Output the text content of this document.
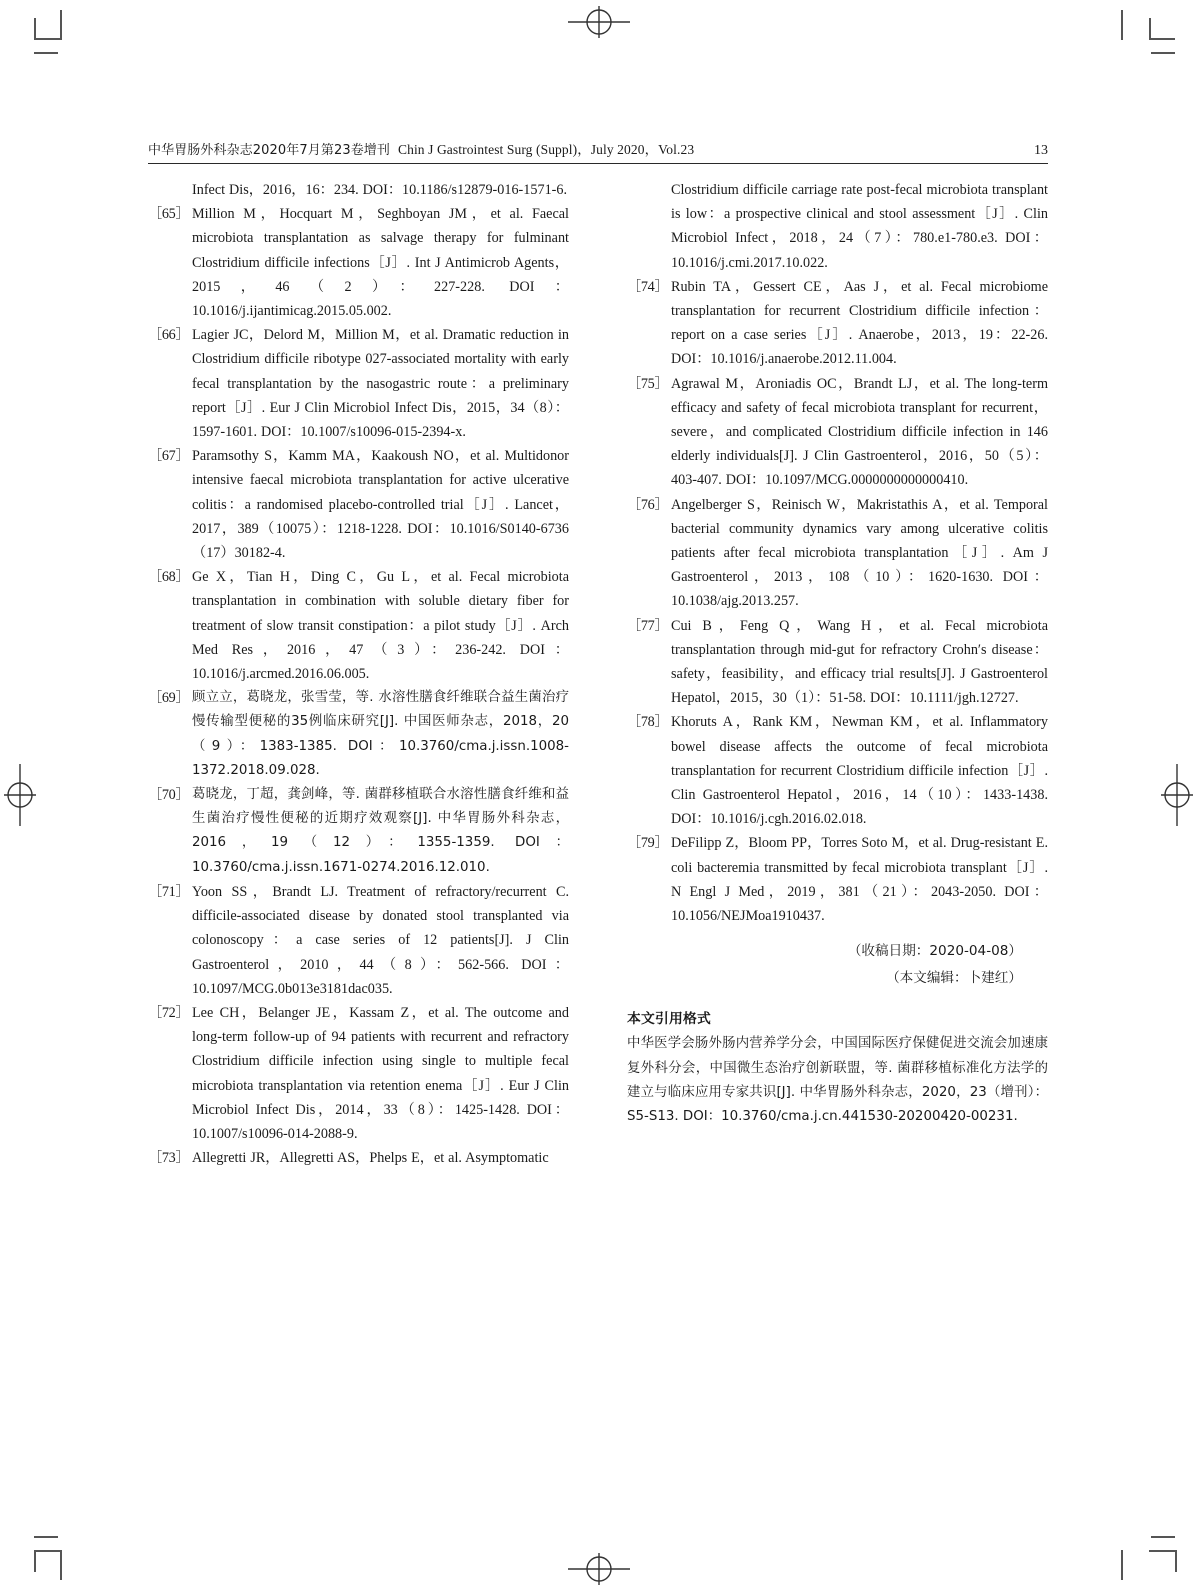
中华胃肠外科杂志2020年7月第23卷增刊 Chin J Gastrointest Surg (Suppl)，July 2020，Vol.23	13
Infect Dis，2016，16：234. DOI：10.1186/s12879-016-1571-6.
［65］ Million M，Hocquart M，Seghboyan JM，et al. Faecal microbiota transplantation as salvage therapy for fulminant Clostridium difficile infections［J］. Int J Antimicrob Agents，2015，46（2）：227-228. DOI：10.1016/j.ijantimicag.2015.05.002.
［66］ Lagier JC，Delord M，Million M，et al. Dramatic reduction in Clostridium difficile ribotype 027-associated mortality with early fecal transplantation by the nasogastric route：a preliminary report［J］. Eur J Clin Microbiol Infect Dis，2015，34（8）：1597-1601. DOI：10.1007/s10096-015-2394-x.
［67］ Paramsothy S，Kamm MA，Kaakoush NO，et al. Multidonor intensive faecal microbiota transplantation for active ulcerative colitis：a randomised placebo-controlled trial［J］. Lancet，2017，389（10075）：1218-1228. DOI：10.1016/S0140-6736（17）30182-4.
［68］ Ge X，Tian H，Ding C，Gu L，et al. Fecal microbiota transplantation in combination with soluble dietary fiber for treatment of slow transit constipation：a pilot study［J］. Arch Med Res，2016，47（3）：236-242. DOI：10.1016/j.arcmed.2016.06.005.
［69］ 顾立立，葛晓龙，张雪莹，等. 水溶性膳食纤维联合益生菌治疗慢传输型便秘的35例临床研究[J]. 中国医师杂志，2018，20（9）：1383-1385. DOI：10.3760/cma.j.issn.1008-1372.2018.09.028.
［70］ 葛晓龙，丁超，龚剑峰，等. 菌群移植联合水溶性膳食纤维和益生菌治疗慢性便秘的近期疗效观察[J]. 中华胃肠外科杂志，2016，19（12）：1355-1359. DOI：10.3760/cma.j.issn.1671-0274.2016.12.010.
［71］ Yoon SS，Brandt LJ. Treatment of refractory/recurrent C. difficile-associated disease by donated stool transplanted via colonoscopy：a case series of 12 patients[J]. J Clin Gastroenterol，2010，44（8）：562-566. DOI：10.1097/MCG.0b013e3181dac035.
［72］ Lee CH，Belanger JE，Kassam Z，et al. The outcome and long-term follow-up of 94 patients with recurrent and refractory Clostridium difficile infection using single to multiple fecal microbiota transplantation via retention enema［J］. Eur J Clin Microbiol Infect Dis，2014，33（8）：1425-1428. DOI：10.1007/s10096-014-2088-9.
［73］ Allegretti JR，Allegretti AS，Phelps E，et al. Asymptomatic
Clostridium difficile carriage rate post-fecal microbiota transplant is low：a prospective clinical and stool assessment［J］. Clin Microbiol Infect，2018，24（7）：780.e1-780.e3. DOI：10.1016/j.cmi.2017.10.022.
［74］ Rubin TA，Gessert CE，Aas J，et al. Fecal microbiome transplantation for recurrent Clostridium difficile infection：report on a case series［J］. Anaerobe，2013，19：22-26. DOI：10.1016/j.anaerobe.2012.11.004.
［75］ Agrawal M，Aroniadis OC，Brandt LJ，et al. The long-term efficacy and safety of fecal microbiota transplant for recurrent，severe，and complicated Clostridium difficile infection in 146 elderly individuals[J]. J Clin Gastroenterol，2016，50（5）：403-407. DOI：10.1097/MCG.0000000000000410.
［76］ Angelberger S，Reinisch W，Makristathis A，et al. Temporal bacterial community dynamics vary among ulcerative colitis patients after fecal microbiota transplantation［J］. Am J Gastroenterol，2013，108（10）：1620-1630. DOI：10.1038/ajg.2013.257.
［77］ Cui B，Feng Q，Wang H，et al. Fecal microbiota transplantation through mid-gut for refractory Crohn′s disease：safety，feasibility，and efficacy trial results[J]. J Gastroenterol Hepatol，2015，30（1）：51-58. DOI：10.1111/jgh.12727.
［78］ Khoruts A，Rank KM，Newman KM，et al. Inflammatory bowel disease affects the outcome of fecal microbiota transplantation for recurrent Clostridium difficile infection［J］. Clin Gastroenterol Hepatol，2016，14（10）：1433-1438. DOI：10.1016/j.cgh.2016.02.018.
［79］ DeFilipp Z，Bloom PP，Torres Soto M，et al. Drug-resistant E. coli bacteremia transmitted by fecal microbiota transplant［J］. N Engl J Med，2019，381（21）：2043-2050. DOI：10.1056/NEJMoa1910437.
（收稿日期：2020-04-08）
（本文编辑：卜建红）
本文引用格式
中华医学会肠外肠内营养学分会，中国国际医疗保健促进交流会加速康复外科分会，中国微生态治疗创新联盟，等. 菌群移植标准化方法学的建立与临床应用专家共识[J]. 中华胃肠外科杂志，2020，23（增刊）：S5-S13. DOI：10.3760/cma.j.cn.441530-20200420-00231.
